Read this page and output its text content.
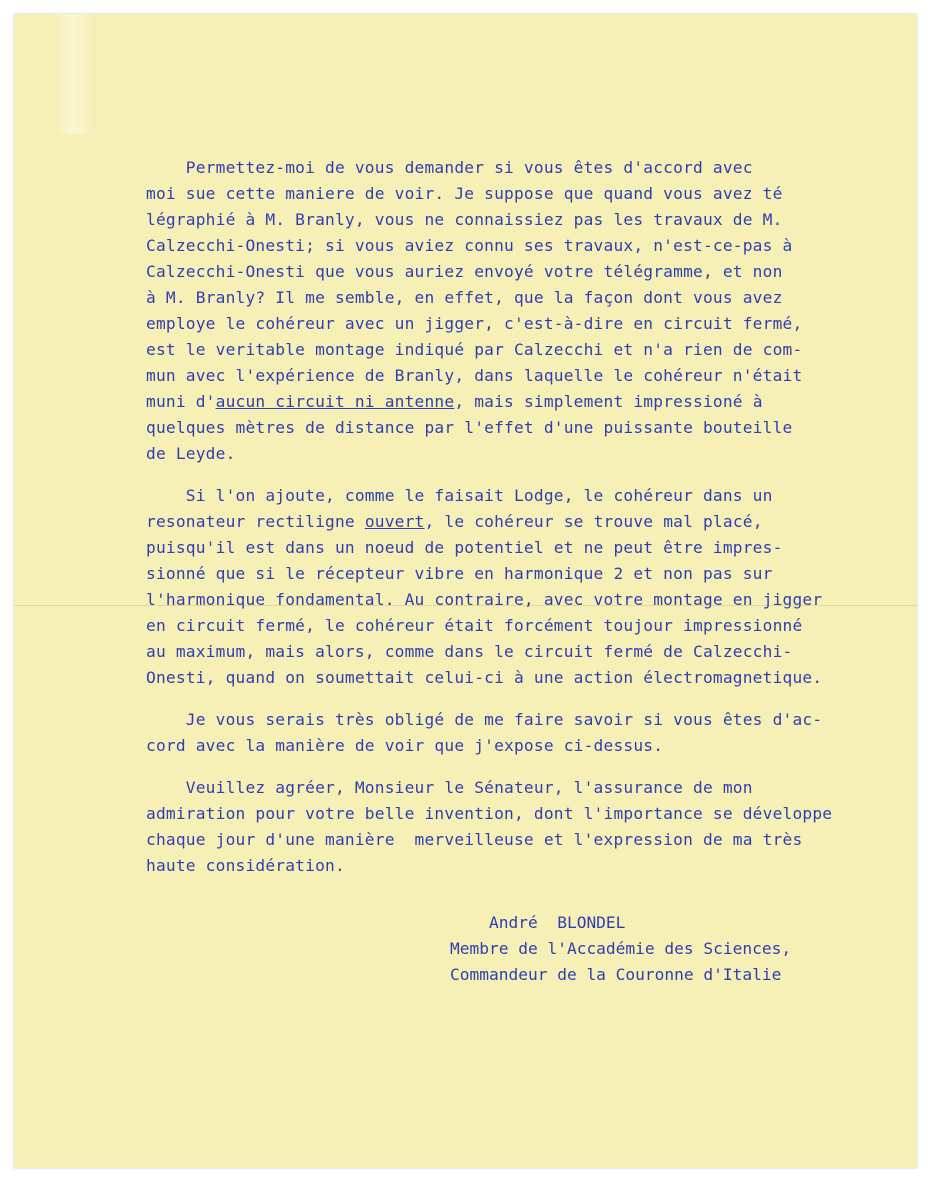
Permettez-moi de vous demander si vous êtes d'accord avec
moi sue cette maniere de voir. Je suppose que quand vous avez té
légraphié à M. Branly, vous ne connaissiez pas les travaux de M.
Calzecchi-Onesti; si vous aviez connu ses travaux, n'est-ce-pas à
Calzecchi-Onesti que vous auriez envoyé votre télégramme, et non
à M. Branly? Il me semble, en effet, que la façon dont vous avez
employe le cohéreur avec un jigger, c'est-à-dire en circuit fermé,
est le veritable montage indiqué par Calzecchi et n'a rien de com-
mun avec l'expérience de Branly, dans laquelle le cohéreur n'était
muni d'aucun circuit ni antenne, mais simplement impressioné à
quelques mètres de distance par l'effet d'une puissante bouteille
de Leyde.
Si l'on ajoute, comme le faisait Lodge, le cohéreur dans un
resonateur rectiligne ouvert, le cohéreur se trouve mal placé,
puisqu'il est dans un noeud de potentiel et ne peut être impres-
sionné que si le récepteur vibre en harmonique 2 et non pas sur
l'harmonique fondamental. Au contraire, avec votre montage en jigger
en circuit fermé, le cohéreur était forcément toujour impressionné
au maximum, mais alors, comme dans le circuit fermé de Calzecchi-
Onesti, quand on soumettait celui-ci à une action électromagnetique.
Je vous serais très obligé de me faire savoir si vous êtes d'ac-
cord avec la manière de voir que j'expose ci-dessus.
Veuillez agréer, Monsieur le Sénateur, l'assurance de mon
admiration pour votre belle invention, dont l'importance se développe
chaque jour d'une manière  merveilleuse et l'expression de ma très
haute considération.
André  BLONDEL
Membre de l'Accadémie des Sciences,
Commandeur de la Couronne d'Italie
